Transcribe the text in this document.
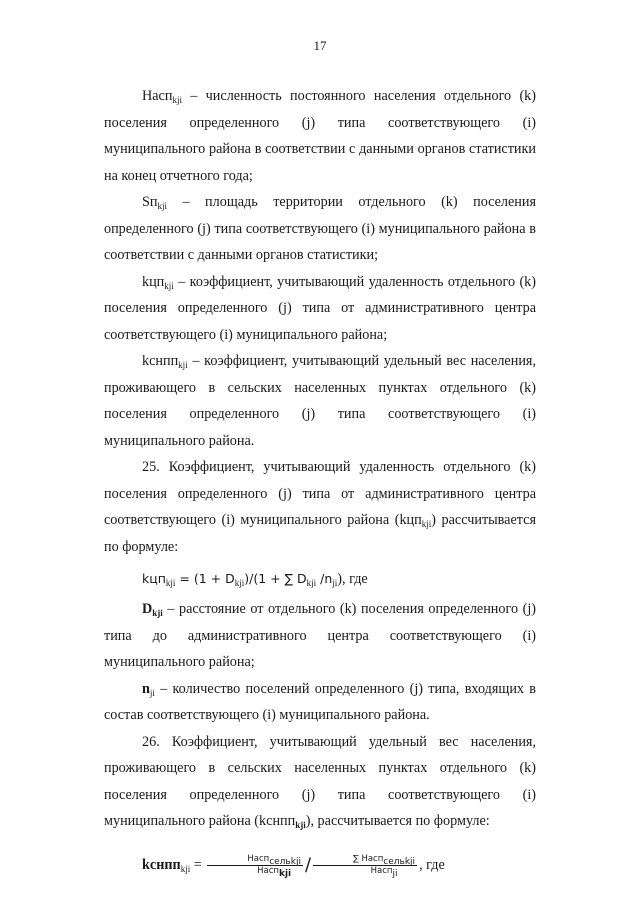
17

Насп$_{kji}$ – численность постоянного населения отдельного (k) поселения определенного (j) типа соответствующего (i) муниципального района в соответствии с данными органов статистики на конец отчетного года;

$Sп_{kji}$ – площадь территории отдельного (k) поселения определенного (j) типа соответствующего (i) муниципального района в соответствии с данными органов статистики;

kцп$_{kji}$ – коэффициент, учитывающий удаленность отдельного (k) поселения определенного (j) типа от административного центра соответствующего (i) муниципального района;

kснпп$_{kji}$ – коэффициент, учитывающий удельный вес населения, проживающего в сельских населенных пунктах отдельного (k) поселения определенного (j) типа соответствующего (i) муниципального района.

25. Коэффициент, учитывающий удаленность отдельного (k) поселения определенного (j) типа от административного центра соответствующего (i) муниципального района (kцп$_{kji}$) рассчитывается по формуле:

$kцп_{kji} = (1 + D_{kji})/(1$ + ∑ $D_{kji}$ $/n_{ji}$), где

$D_{kji}$ – расстояние от отдельного (k) поселения определенного (j) типа до административного центра соответствующего (i) муниципального района;

$n_{ji}$ – количество поселений определенного (j) типа, входящих в состав соответствующего (i) муниципального района.

26. Коэффициент, учитывающий удельный вес населения, проживающего в сельских населенных пунктах отдельного (k) поселения определенного (j) типа соответствующего (i) муниципального района (kснпп$_{kji}$), рассчитывается по формуле:

kснпп$_{kji}$ = $\frac{Насп_{сельkji}}{Насп_{kji}} / \frac{\sum Насп_{сельkji}}{Насп_{ji}}$ , где
